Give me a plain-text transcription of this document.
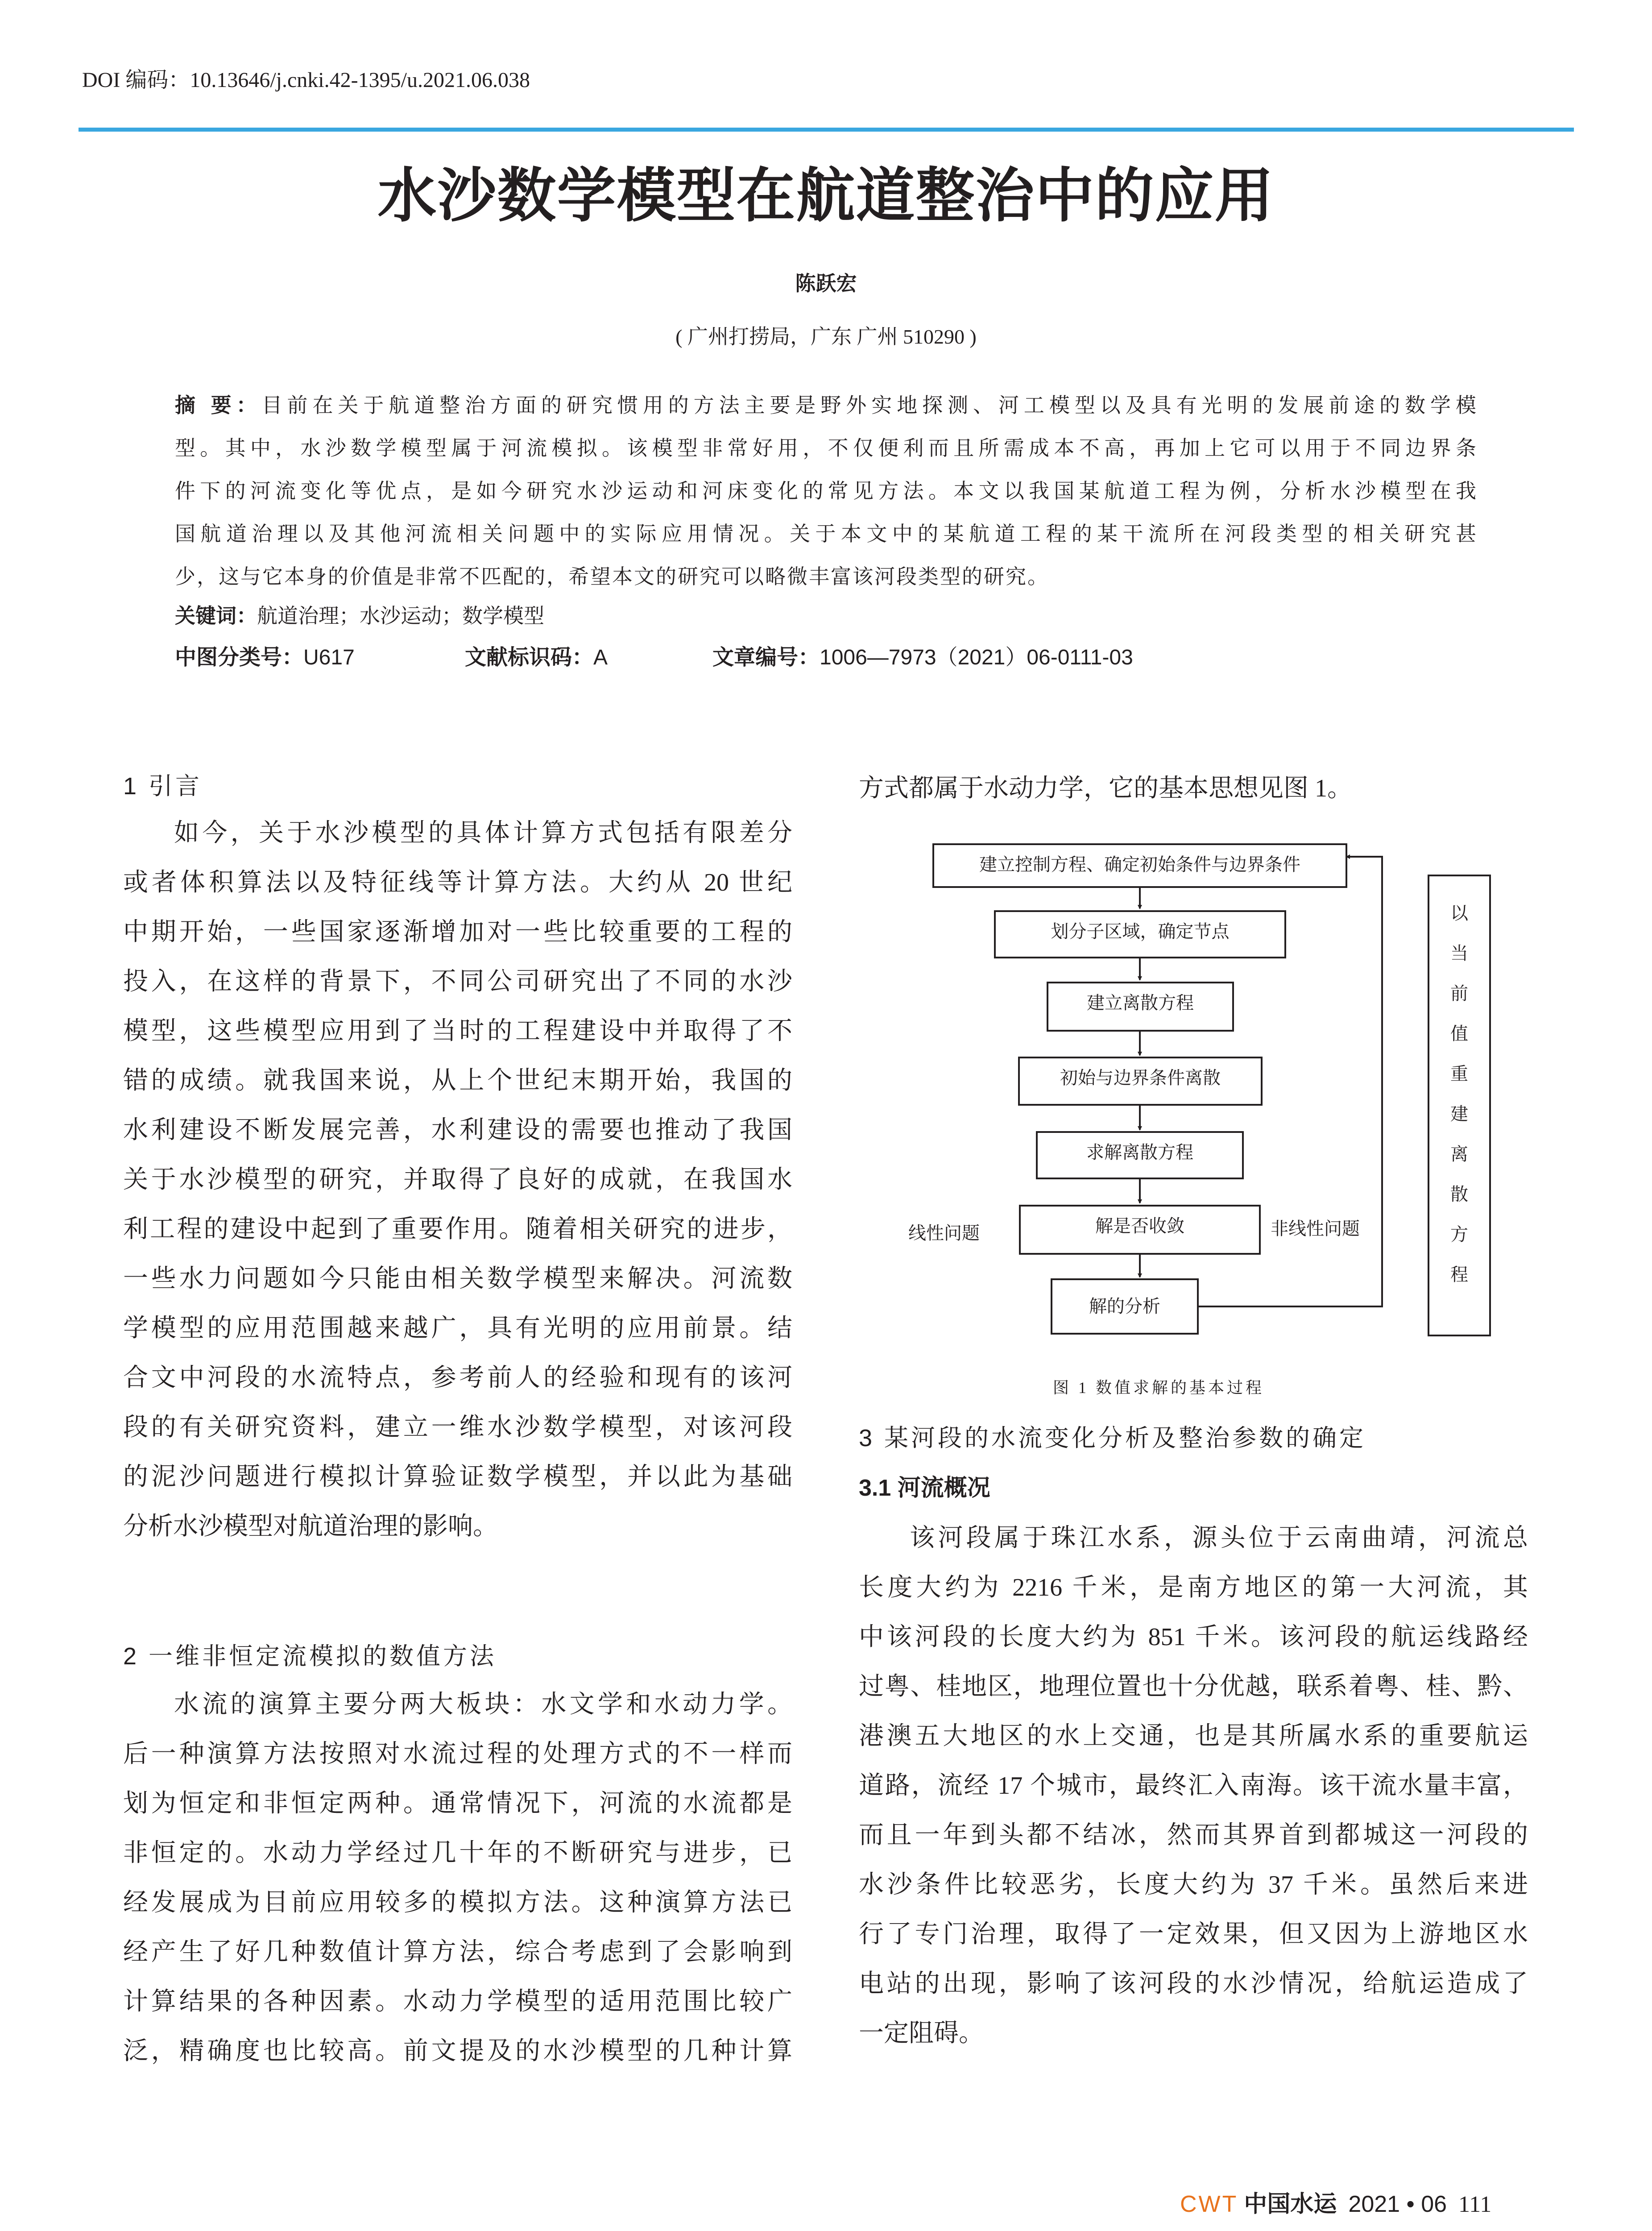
DOI 编码：10.13646/j.cnki.42-1395/u.2021.06.038
水沙数学模型在航道整治中的应用
陈跃宏
( 广州打捞局，广东 广州 510290 )
摘 要：目前在关于航道整治方面的研究惯用的方法主要是野外实地探测、河工模型以及具有光明的发展前途的数学模
型。其中，水沙数学模型属于河流模拟。该模型非常好用，不仅便利而且所需成本不高，再加上它可以用于不同边界条
件下的河流变化等优点，是如今研究水沙运动和河床变化的常见方法。本文以我国某航道工程为例，分析水沙模型在我
国航道治理以及其他河流相关问题中的实际应用情况。关于本文中的某航道工程的某干流所在河段类型的相关研究甚
少，这与它本身的价值是非常不匹配的，希望本文的研究可以略微丰富该河段类型的研究。
关键词：航道治理；水沙运动；数学模型
中图分类号：U617	文献标识码：A	文章编号：1006—7973（2021）06-0111-03
1 引言
如今，关于水沙模型的具体计算方式包括有限差分
或者体积算法以及特征线等计算方法。大约从 20 世纪
中期开始，一些国家逐渐增加对一些比较重要的工程的
投入，在这样的背景下，不同公司研究出了不同的水沙
模型，这些模型应用到了当时的工程建设中并取得了不
错的成绩。就我国来说，从上个世纪末期开始，我国的
水利建设不断发展完善，水利建设的需要也推动了我国
关于水沙模型的研究，并取得了良好的成就，在我国水
利工程的建设中起到了重要作用。随着相关研究的进步，
一些水力问题如今只能由相关数学模型来解决。河流数
学模型的应用范围越来越广，具有光明的应用前景。结
合文中河段的水流特点，参考前人的经验和现有的该河
段的有关研究资料，建立一维水沙数学模型，对该河段
的泥沙问题进行模拟计算验证数学模型，并以此为基础
分析水沙模型对航道治理的影响。
2 一维非恒定流模拟的数值方法
水流的演算主要分两大板块：水文学和水动力学。
后一种演算方法按照对水流过程的处理方式的不一样而
划为恒定和非恒定两种。通常情况下，河流的水流都是
非恒定的。水动力学经过几十年的不断研究与进步，已
经发展成为目前应用较多的模拟方法。这种演算方法已
经产生了好几种数值计算方法，综合考虑到了会影响到
计算结果的各种因素。水动力学模型的适用范围比较广
泛，精确度也比较高。前文提及的水沙模型的几种计算
方式都属于水动力学，它的基本思想见图 1。
建立控制方程、确定初始条件与边界条件
划分子区域，确定节点
建立离散方程
初始与边界条件离散
求解离散方程
解是否收敛
解的分析
线性问题	非线性问题
以
当
前
值
重
建
离
散
方
程
图 1 数值求解的基本过程
3 某河段的水流变化分析及整治参数的确定
3.1 河流概况
该河段属于珠江水系，源头位于云南曲靖，河流总
长度大约为 2216 千米，是南方地区的第一大河流，其
中该河段的长度大约为 851 千米。该河段的航运线路经
过粤、桂地区，地理位置也十分优越，联系着粤、桂、黔、
港澳五大地区的水上交通，也是其所属水系的重要航运
道路，流经 17 个城市，最终汇入南海。该干流水量丰富，
而且一年到头都不结冰，然而其界首到都城这一河段的
水沙条件比较恶劣，长度大约为 37 千米。虽然后来进
行了专门治理，取得了一定效果，但又因为上游地区水
电站的出现，影响了该河段的水沙情况，给航运造成了
一定阻碍。
CWT 中国水运 2021 • 06 111
